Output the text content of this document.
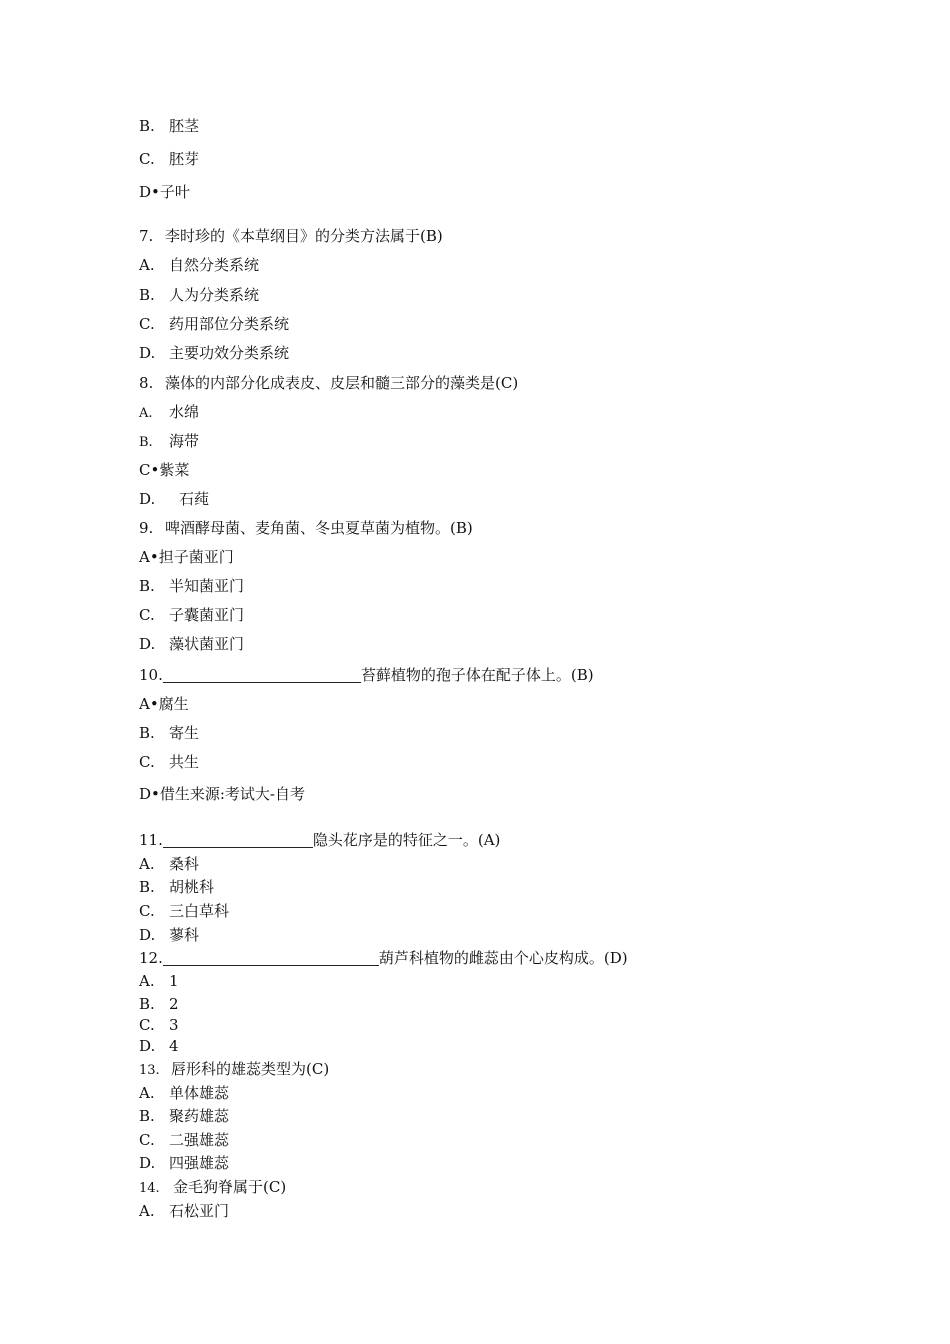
B. 胚茎
C. 胚芽
D•子叶
7. 李时珍的《本草纲目》的分类方法属于(B)
A. 自然分类系统
B. 人为分类系统
C. 药用部位分类系统
D. 主要功效分类系统
8. 藻体的内部分化成表皮、皮层和髓三部分的藻类是(C)
A. 水绵
B. 海带
C•紫菜
D. 石莼
9. 啤酒酵母菌、麦角菌、冬虫夏草菌为植物。(B)
A•担子菌亚门
B. 半知菌亚门
C. 子囊菌亚门
D. 藻状菌亚门
10.	苔藓植物的孢子体在配子体上。(B)
A•腐生
B. 寄生
C. 共生
D•借生来源:考试大-自考
11.	隐头花序是的特征之一。(A)
A. 桑科
B. 胡桃科
C. 三白草科
D. 蓼科
12.	葫芦科植物的雌蕊由个心皮构成。(D)
A. 1
B. 2
C. 3
D. 4
13. 唇形科的雄蕊类型为(C)
A. 单体雄蕊
B. 聚药雄蕊
C. 二强雄蕊
D. 四强雄蕊
14. 金毛狗脊属于(C)
A. 石松亚门
